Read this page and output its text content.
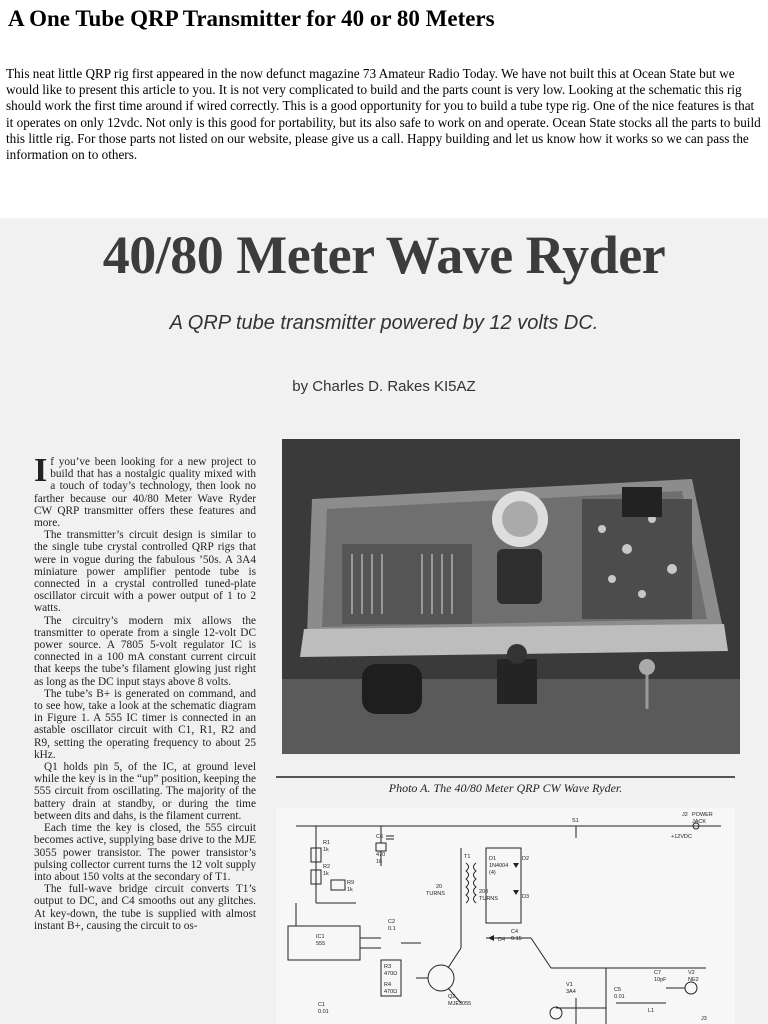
A One Tube QRP Transmitter for 40 or 80 Meters

This neat little QRP rig first appeared in the now defunct magazine 73 Amateur Radio Today. We have not built this at Ocean State but we would like to present this article to you. It is not very complicated to build and the parts count is very low. Looking at the schematic this rig should work the first time around if wired correctly. This is a good opportunity for you to build a tube type rig. One of the nice features is that it operates on only 12vdc. Not only is this good for portability, but its also safe to work on and operate. Ocean State stocks all the parts to build this little rig. For those parts not listed on our website, please give us a call. Happy building and let us know how it works so we can pass the information on to others.

40/80 Meter Wave Ryder
A QRP tube transmitter powered by 12 volts DC.
by Charles D. Rakes KI5AZ

If you’ve been looking for a new project to build that has a nostalgic quality mixed with a touch of today’s technology, then look no farther because our 40/80 Meter Wave Ryder CW QRP transmitter offers these features and more.

The transmitter’s circuit design is similar to the single tube crystal controlled QRP rigs that were in vogue during the fabulous ’50s. A 3A4 miniature power amplifier pentode tube is connected in a crystal controlled tuned-plate oscillator circuit with a power output of 1 to 2 watts.

The circuitry’s modern mix allows the transmitter to operate from a single 12-volt DC power source. A 7805 5-volt regulator IC is connected in a 100 mA constant current circuit that keeps the tube’s filament glowing just right as long as the DC input stays above 8 volts.

The tube’s B+ is generated on command, and to see how, take a look at the schematic diagram in Figure 1. A 555 IC timer is connected in an astable oscillator circuit with C1, R1, R2 and R9, setting the operating frequency to about 25 kHz.

Q1 holds pin 5, of the IC, at ground level while the key is in the “up” position, keeping the 555 circuit from oscillating. The majority of the battery drain at standby, or during the time between dits and dahs, is the filament current.

Each time the key is closed, the 555 circuit becomes active, supplying base drive to the MJE 3055 power transistor. The power transistor’s pulsing collector current turns the 12 volt supply into about 150 volts at the secondary of T1.

The full-wave bridge circuit converts T1’s output to DC, and C4 smooths out any glitches. At key-down, the tube is supplied with almost instant B+, causing the circuit to os-

Photo A. The 40/80 Meter QRP CW Wave Ryder.
C6
470
16
R1
1k
R2
1k
R9
1k
IC1
555
C2
0.1
R3
470Ω
R4
470Ω
C1
0.01
Q2
MJE3055
T1
20
TURNS	200
TURNS
D1
1N4004
(4)
D2
D3
D4
C4
0.15
S1
J2 POWER
JACK
+12VDC
V1
3A4	C5
0.01
C7
10pF
V2
NE2
L1
J3
